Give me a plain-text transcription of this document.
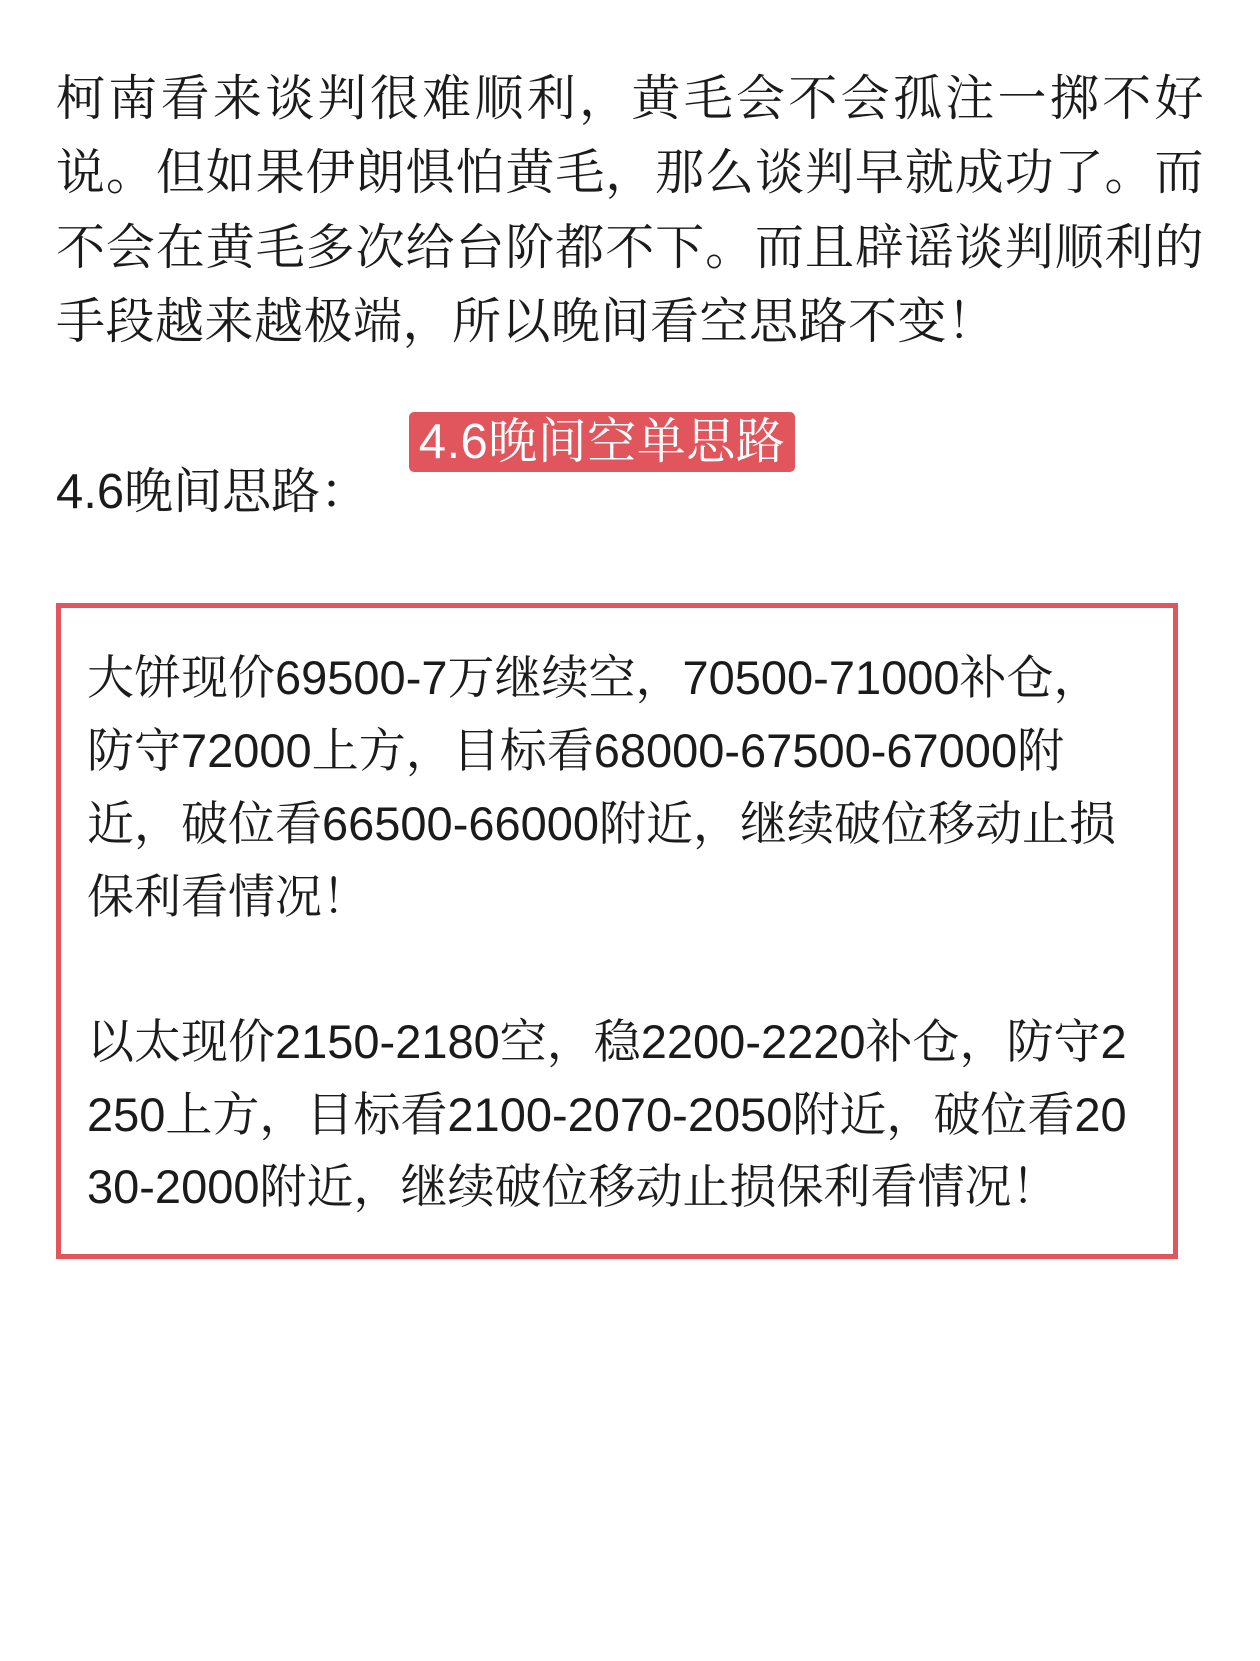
柯南看来谈判很难顺利，黄毛会不会孤注一掷不好说。但如果伊朗惧怕黄毛，那么谈判早就成功了。而不会在黄毛多次给台阶都不下。而且辟谣谈判顺利的手段越来越极端，所以晚间看空思路不变！

4.6晚间空单思路

4.6晚间思路：

大饼现价69500-7万继续空，70500-71000补仓，防守72000上方，目标看68000-67500-67000附近，破位看66500-66000附近，继续破位移动止损保利看情况！

以太现价2150-2180空，稳2200-2220补仓，防守2250上方，目标看2100-2070-2050附近，破位看2030-2000附近，继续破位移动止损保利看情况！
